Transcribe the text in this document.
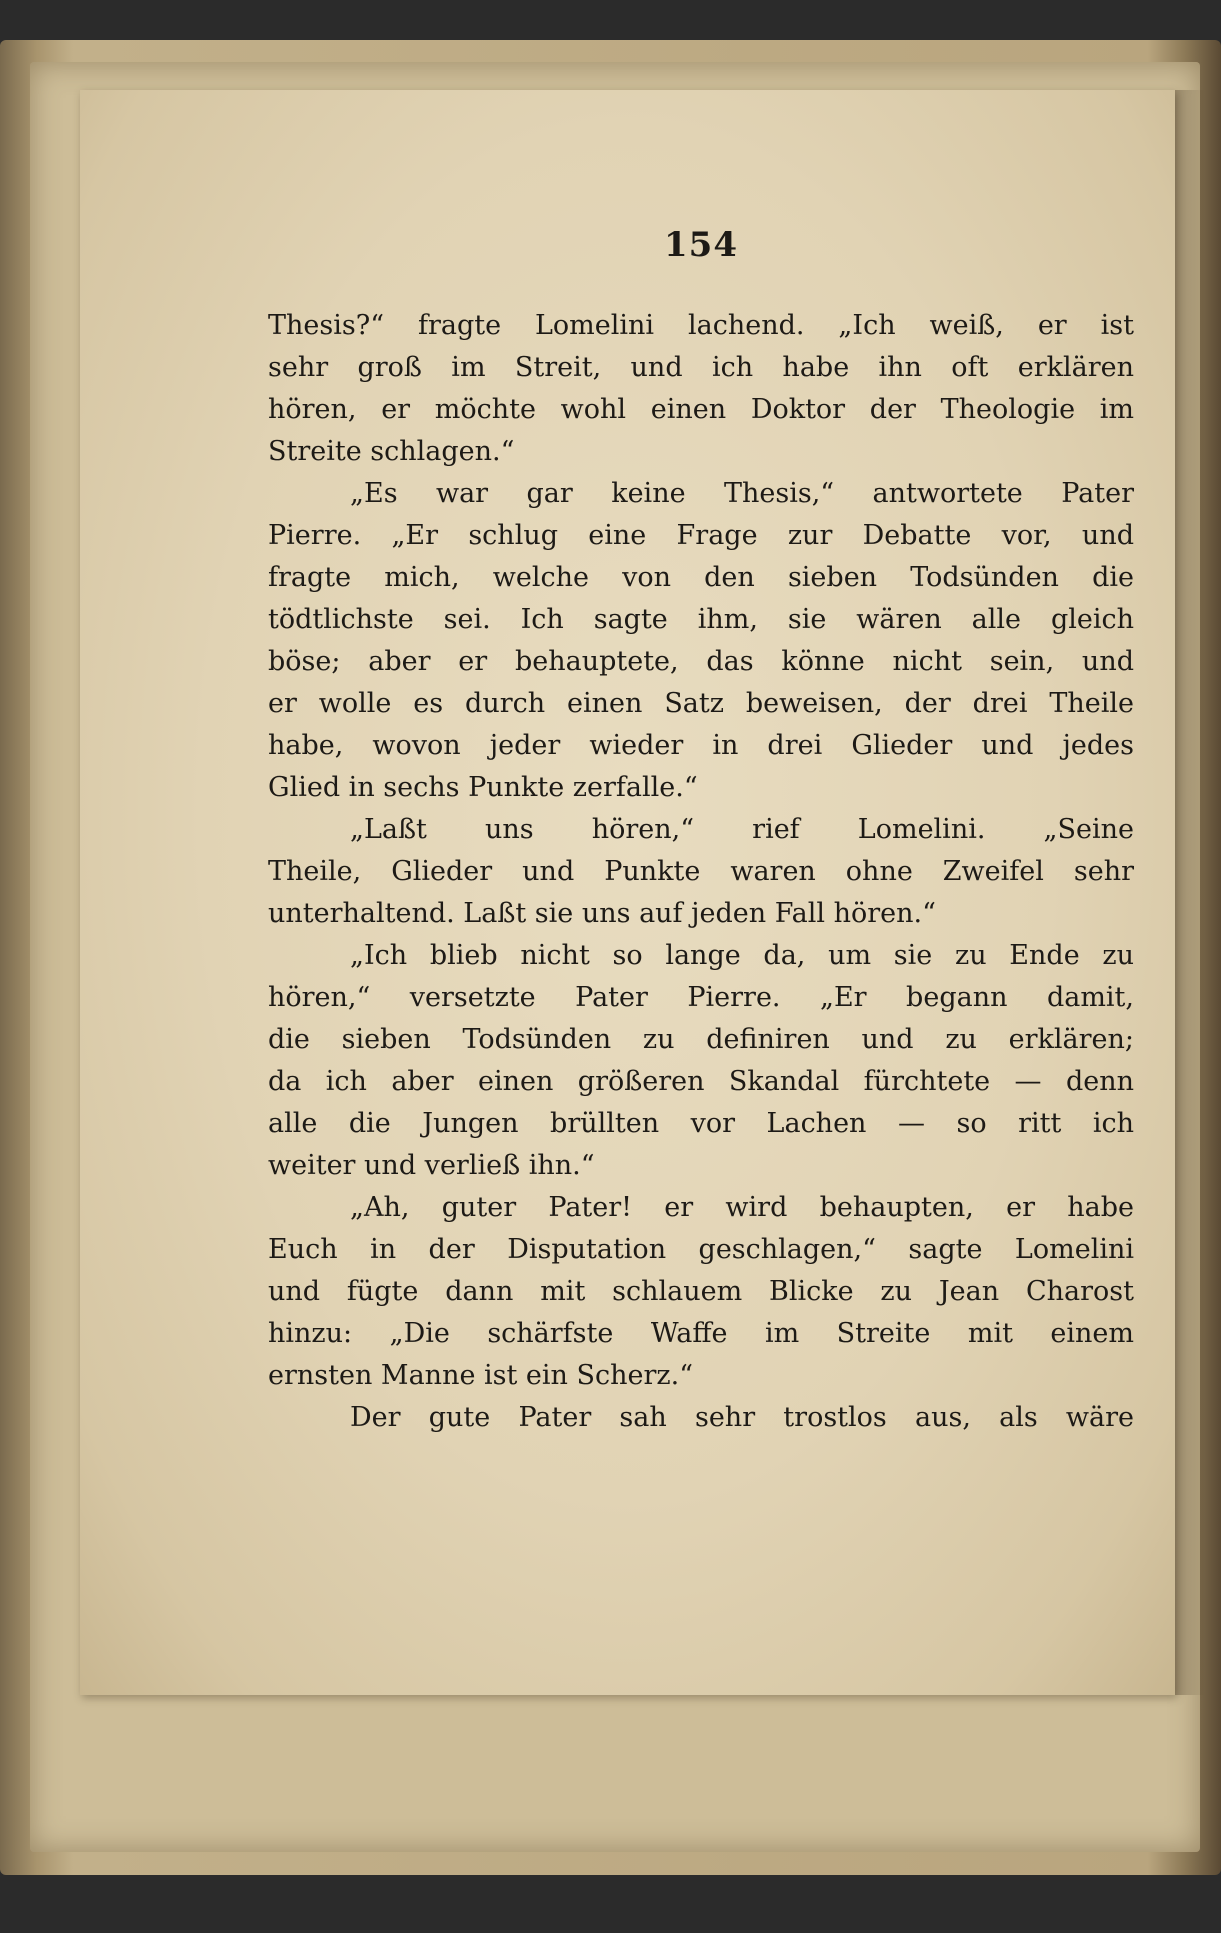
154
Thesis?“ fragte Lomelini lachend. „Ich weiß, er ist
sehr groß im Streit, und ich habe ihn oft erklären
hören, er möchte wohl einen Doktor der Theologie im
Streite schlagen.“
„Es war gar keine Thesis,“ antwortete Pater
Pierre. „Er schlug eine Frage zur Debatte vor, und
fragte mich, welche von den sieben Todsünden die
tödtlichste sei. Ich sagte ihm, sie wären alle gleich
böse; aber er behauptete, das könne nicht sein, und
er wolle es durch einen Satz beweisen, der drei Theile
habe, wovon jeder wieder in drei Glieder und jedes
Glied in sechs Punkte zerfalle.“
„Laßt uns hören,“ rief Lomelini. „Seine
Theile, Glieder und Punkte waren ohne Zweifel sehr
unterhaltend. Laßt sie uns auf jeden Fall hören.“
„Ich blieb nicht so lange da, um sie zu Ende zu
hören,“ versetzte Pater Pierre. „Er begann damit,
die sieben Todsünden zu definiren und zu erklären;
da ich aber einen größeren Skandal fürchtete — denn
alle die Jungen brüllten vor Lachen — so ritt ich
weiter und verließ ihn.“
„Ah, guter Pater! er wird behaupten, er habe
Euch in der Disputation geschlagen,“ sagte Lomelini
und fügte dann mit schlauem Blicke zu Jean Charost
hinzu: „Die schärfste Waffe im Streite mit einem
ernsten Manne ist ein Scherz.“
Der gute Pater sah sehr trostlos aus, als wäre
